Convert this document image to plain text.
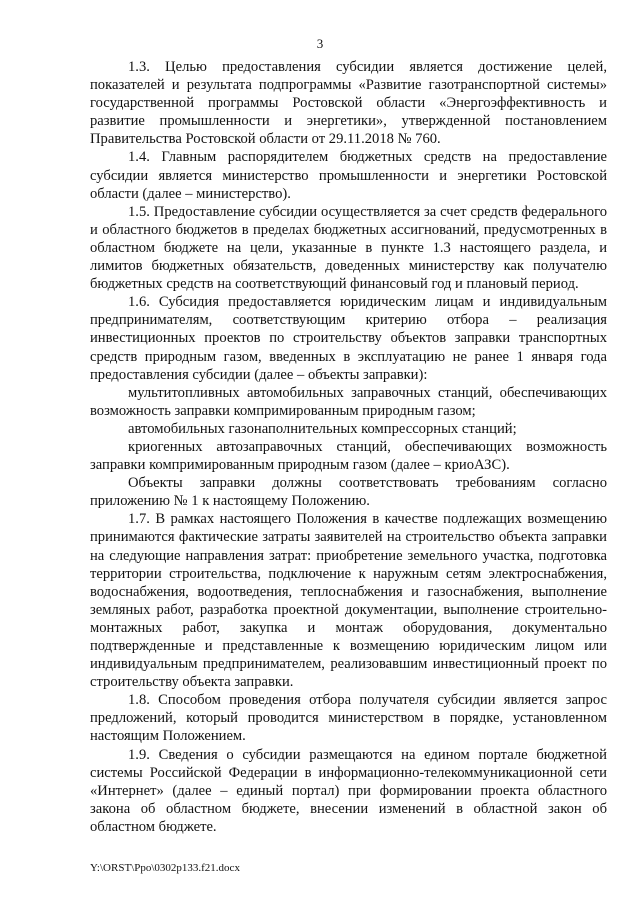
3

1.3. Целью предоставления субсидии является достижение целей, показателей и результата подпрограммы «Развитие газотранспортной системы» государственной программы Ростовской области «Энергоэффективность и развитие промышленности и энергетики», утвержденной постановлением Правительства Ростовской области от 29.11.2018 № 760.

1.4. Главным распорядителем бюджетных средств на предоставление субсидии является министерство промышленности и энергетики Ростовской области (далее – министерство).

1.5. Предоставление субсидии осуществляется за счет средств федерального и областного бюджетов в пределах бюджетных ассигнований, предусмотренных в областном бюджете на цели, указанные в пункте 1.3 настоящего раздела, и лимитов бюджетных обязательств, доведенных министерству как получателю бюджетных средств на соответствующий финансовый год и плановый период.

1.6. Субсидия предоставляется юридическим лицам и индивидуальным предпринимателям, соответствующим критерию отбора – реализация инвестиционных проектов по строительству объектов заправки транспортных средств природным газом, введенных в эксплуатацию не ранее 1 января года предоставления субсидии (далее – объекты заправки):

мультитопливных автомобильных заправочных станций, обеспечивающих возможность заправки компримированным природным газом;

автомобильных газонаполнительных компрессорных станций;

криогенных автозаправочных станций, обеспечивающих возможность заправки компримированным природным газом (далее – криоАЗС).

Объекты заправки должны соответствовать требованиям согласно приложению № 1 к настоящему Положению.

1.7. В рамках настоящего Положения в качестве подлежащих возмещению принимаются фактические затраты заявителей на строительство объекта заправки на следующие направления затрат: приобретение земельного участка, подготовка территории строительства, подключение к наружным сетям электроснабжения, водоснабжения, водоотведения, теплоснабжения и газоснабжения, выполнение земляных работ, разработка проектной документации, выполнение строительно-монтажных работ, закупка и монтаж оборудования, документально подтвержденные и представленные к возмещению юридическим лицом или индивидуальным предпринимателем, реализовавшим инвестиционный проект по строительству объекта заправки.

1.8. Способом проведения отбора получателя субсидии является запрос предложений, который проводится министерством в порядке, установленном настоящим Положением.

1.9. Сведения о субсидии размещаются на едином портале бюджетной системы Российской Федерации в информационно-телекоммуникационной сети «Интернет» (далее – единый портал) при формировании проекта областного закона об областном бюджете, внесении изменений в областной закон об областном бюджете.

Y:\ORST\Ppo\0302p133.f21.docx
